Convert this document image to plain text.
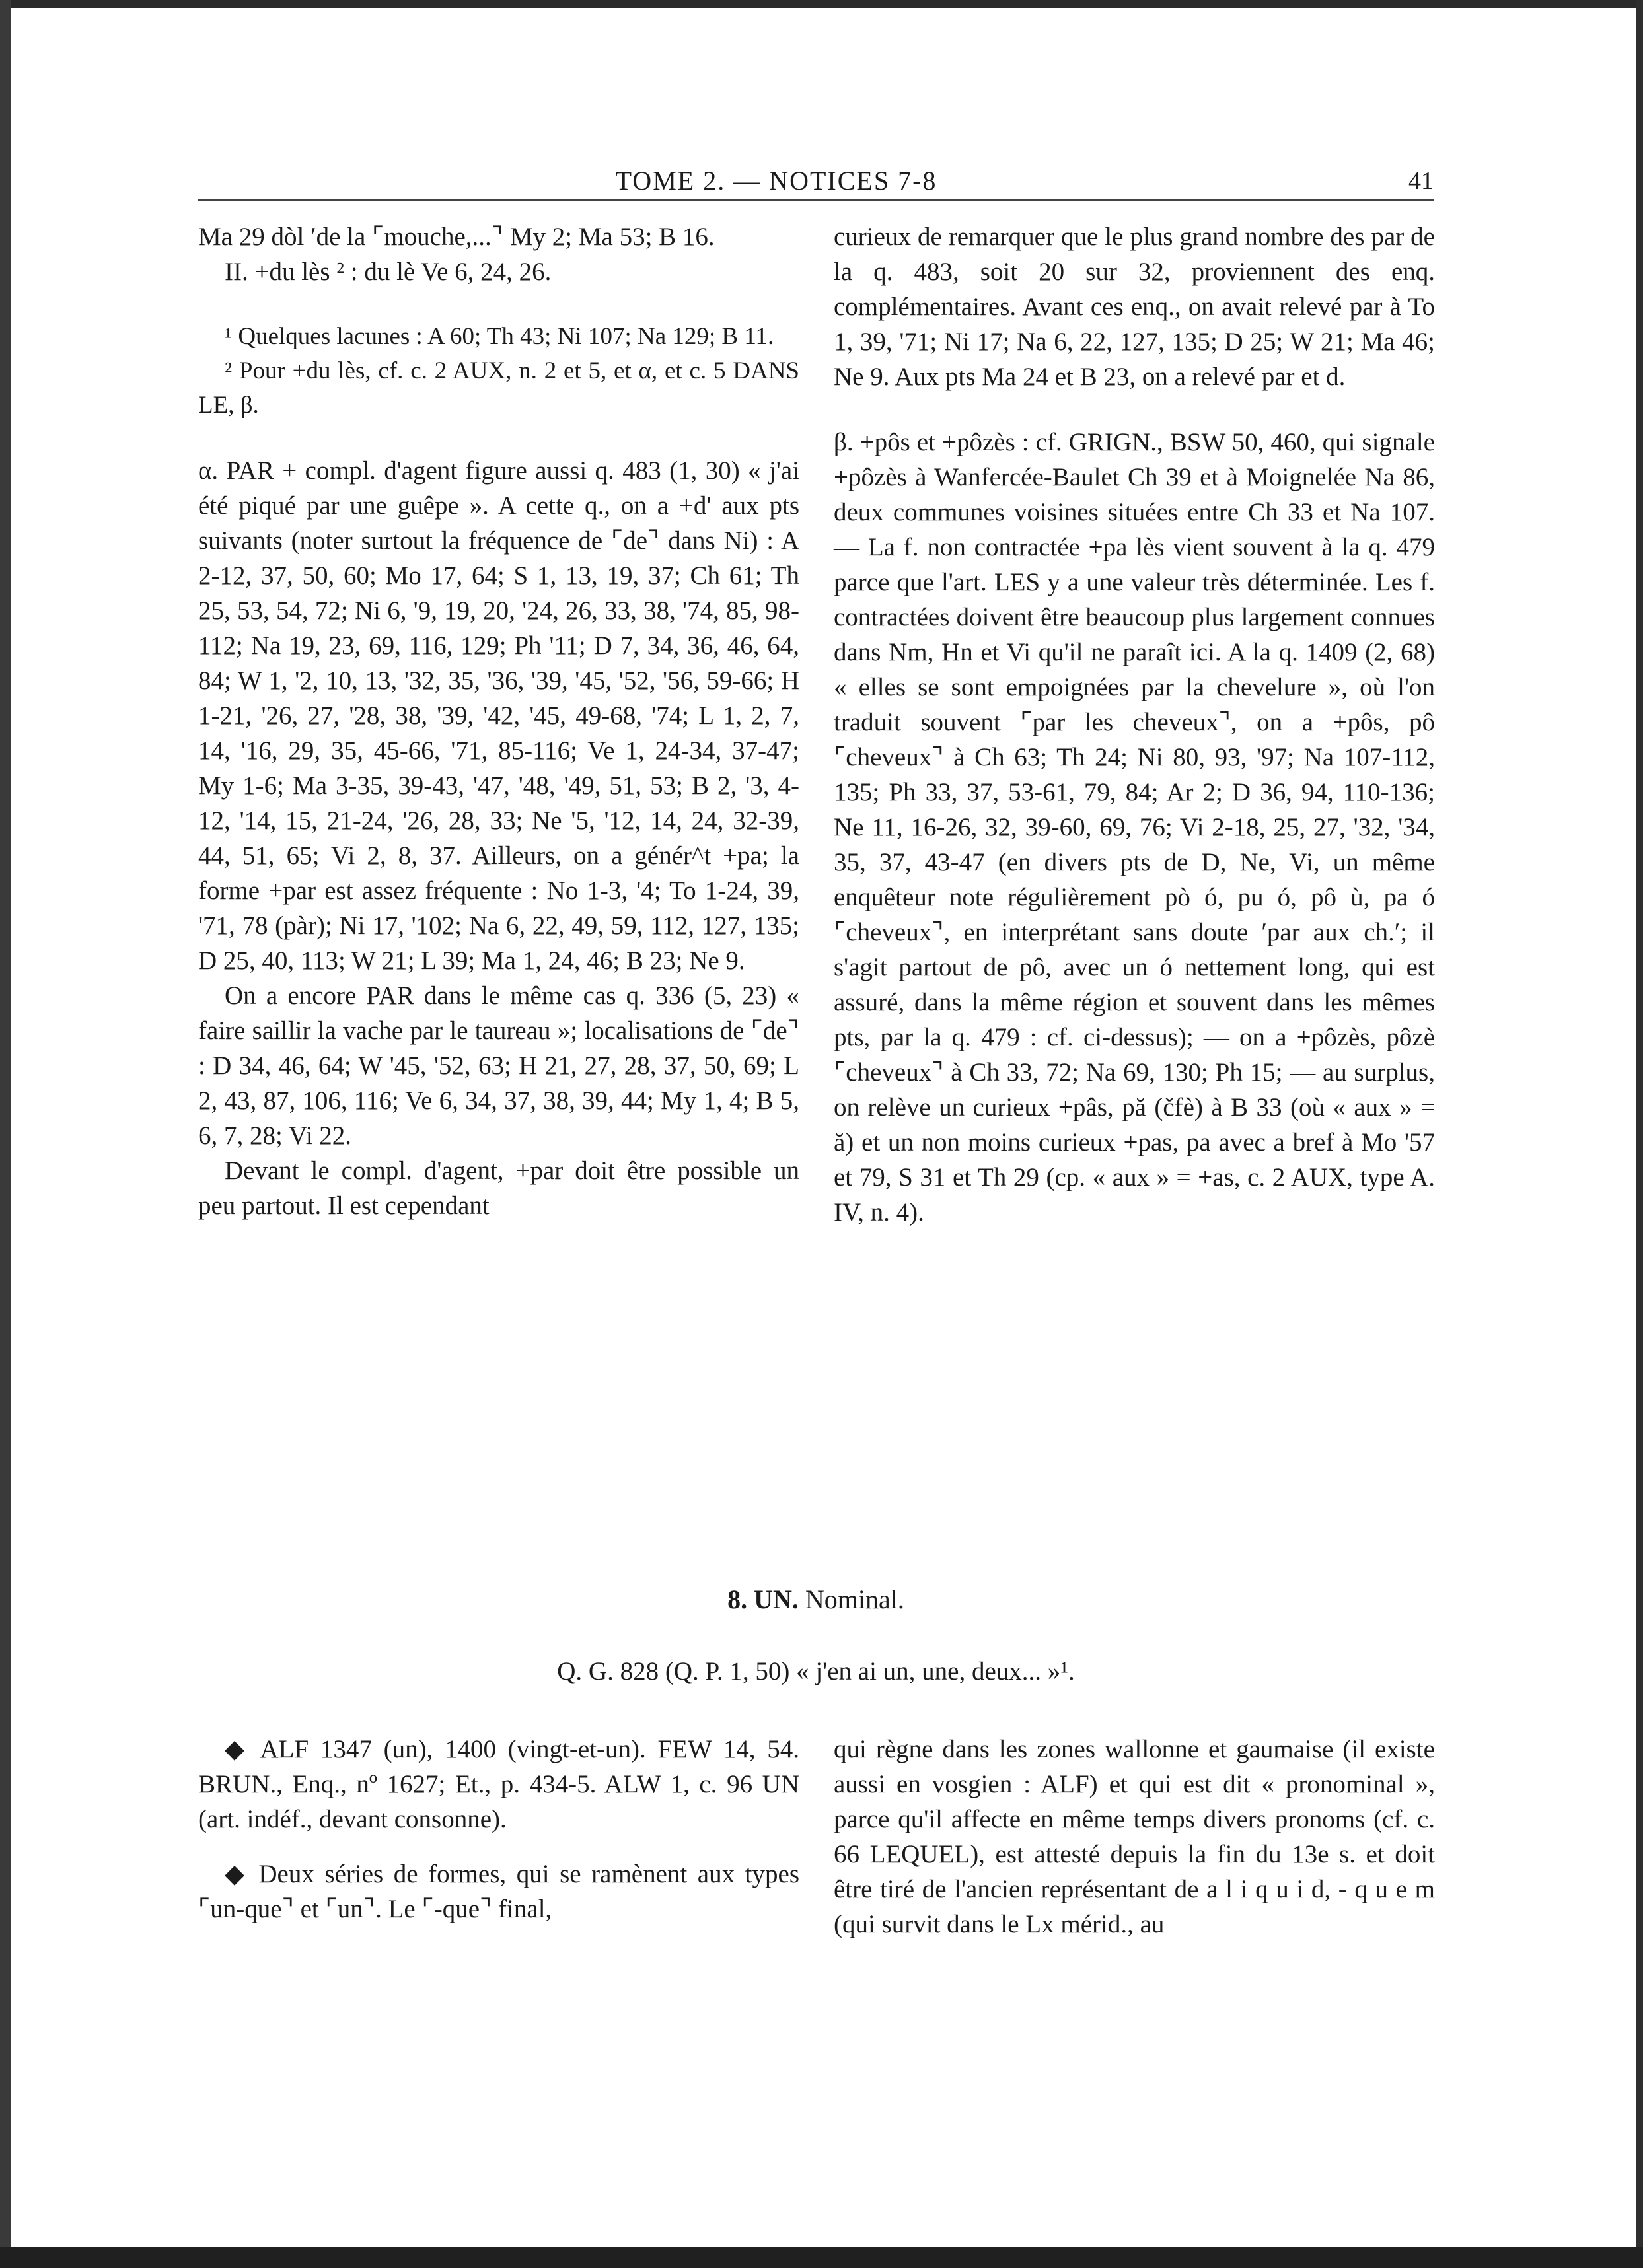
TOME 2. — NOTICES 7-8	41

Ma 29 dòl ʹde la ⌜mouche,...⌝ My 2; Ma 53; B 16.

II. +du lès ² : du lè Ve 6, 24, 26.

¹ Quelques lacunes : A 60; Th 43; Ni 107; Na 129; B 11.

² Pour +du lès, cf. c. 2 AUX, n. 2 et 5, et α, et c. 5 DANS LE, β.

α. PAR + compl. d'agent figure aussi q. 483 (1, 30) « j'ai été piqué par une guêpe ». A cette q., on a +d' aux pts suivants (noter surtout la fréquence de ⌜de⌝ dans Ni) : A 2-12, 37, 50, 60; Mo 17, 64; S 1, 13, 19, 37; Ch 61; Th 25, 53, 54, 72; Ni 6, '9, 19, 20, '24, 26, 33, 38, '74, 85, 98-112; Na 19, 23, 69, 116, 129; Ph '11; D 7, 34, 36, 46, 64, 84; W 1, '2, 10, 13, '32, 35, '36, '39, '45, '52, '56, 59-66; H 1-21, '26, 27, '28, 38, '39, '42, '45, 49-68, '74; L 1, 2, 7, 14, '16, 29, 35, 45-66, '71, 85-116; Ve 1, 24-34, 37-47; My 1-6; Ma 3-35, 39-43, '47, '48, '49, 51, 53; B 2, '3, 4-12, '14, 15, 21-24, '26, 28, 33; Ne '5, '12, 14, 24, 32-39, 44, 51, 65; Vi 2, 8, 37. Ailleurs, on a génér^t +pa; la forme +par est assez fréquente : No 1-3, '4; To 1-24, 39, '71, 78 (pàr); Ni 17, '102; Na 6, 22, 49, 59, 112, 127, 135; D 25, 40, 113; W 21; L 39; Ma 1, 24, 46; B 23; Ne 9.

On a encore PAR dans le même cas q. 336 (5, 23) « faire saillir la vache par le taureau »; localisations de ⌜de⌝ : D 34, 46, 64; W '45, '52, 63; H 21, 27, 28, 37, 50, 69; L 2, 43, 87, 106, 116; Ve 6, 34, 37, 38, 39, 44; My 1, 4; B 5, 6, 7, 28; Vi 22.

Devant le compl. d'agent, +par doit être possible un peu partout. Il est cependant

curieux de remarquer que le plus grand nombre des par de la q. 483, soit 20 sur 32, proviennent des enq. complémentaires. Avant ces enq., on avait relevé par à To 1, 39, '71; Ni 17; Na 6, 22, 127, 135; D 25; W 21; Ma 46; Ne 9. Aux pts Ma 24 et B 23, on a relevé par et d.

β. +pôs et +pôzès : cf. GRIGN., BSW 50, 460, qui signale +pôzès à Wanfercée-Baulet Ch 39 et à Moignelée Na 86, deux communes voisines situées entre Ch 33 et Na 107. — La f. non contractée +pa lès vient souvent à la q. 479 parce que l'art. LES y a une valeur très déterminée. Les f. contractées doivent être beaucoup plus largement connues dans Nm, Hn et Vi qu'il ne paraît ici. A la q. 1409 (2, 68) « elles se sont empoignées par la chevelure », où l'on traduit souvent ⌜par les cheveux⌝, on a +pôs, pô ⌜cheveux⌝ à Ch 63; Th 24; Ni 80, 93, '97; Na 107-112, 135; Ph 33, 37, 53-61, 79, 84; Ar 2; D 36, 94, 110-136; Ne 11, 16-26, 32, 39-60, 69, 76; Vi 2-18, 25, 27, '32, '34, 35, 37, 43-47 (en divers pts de D, Ne, Vi, un même enquêteur note régulièrement pò ó, pu ó, pô ù, pa ó ⌜cheveux⌝, en interprétant sans doute ʹpar aux ch.ʹ; il s'agit partout de pô, avec un ó nettement long, qui est assuré, dans la même région et souvent dans les mêmes pts, par la q. 479 : cf. ci-dessus); — on a +pôzès, pôzè ⌜cheveux⌝ à Ch 33, 72; Na 69, 130; Ph 15; — au surplus, on relève un curieux +pâs, pă (čfè) à B 33 (où « aux » = ă) et un non moins curieux +pas, pa avec a bref à Mo '57 et 79, S 31 et Th 29 (cp. « aux » = +as, c. 2 AUX, type A. IV, n. 4).

8. UN. Nominal.
Q. G. 828 (Q. P. 1, 50) « j'en ai un, une, deux... »¹.

◆ ALF 1347 (un), 1400 (vingt-et-un). FEW 14, 54. BRUN., Enq., nº 1627; Et., p. 434-5. ALW 1, c. 96 UN (art. indéf., devant consonne).

◆ Deux séries de formes, qui se ramènent aux types ⌜un-que⌝ et ⌜un⌝. Le ⌜-que⌝ final,

qui règne dans les zones wallonne et gaumaise (il existe aussi en vosgien : ALF) et qui est dit « pronominal », parce qu'il affecte en même temps divers pronoms (cf. c. 66 LEQUEL), est attesté depuis la fin du 13e s. et doit être tiré de l'ancien représentant de a l i q u i d, - q u e m (qui survit dans le Lx mérid., au
